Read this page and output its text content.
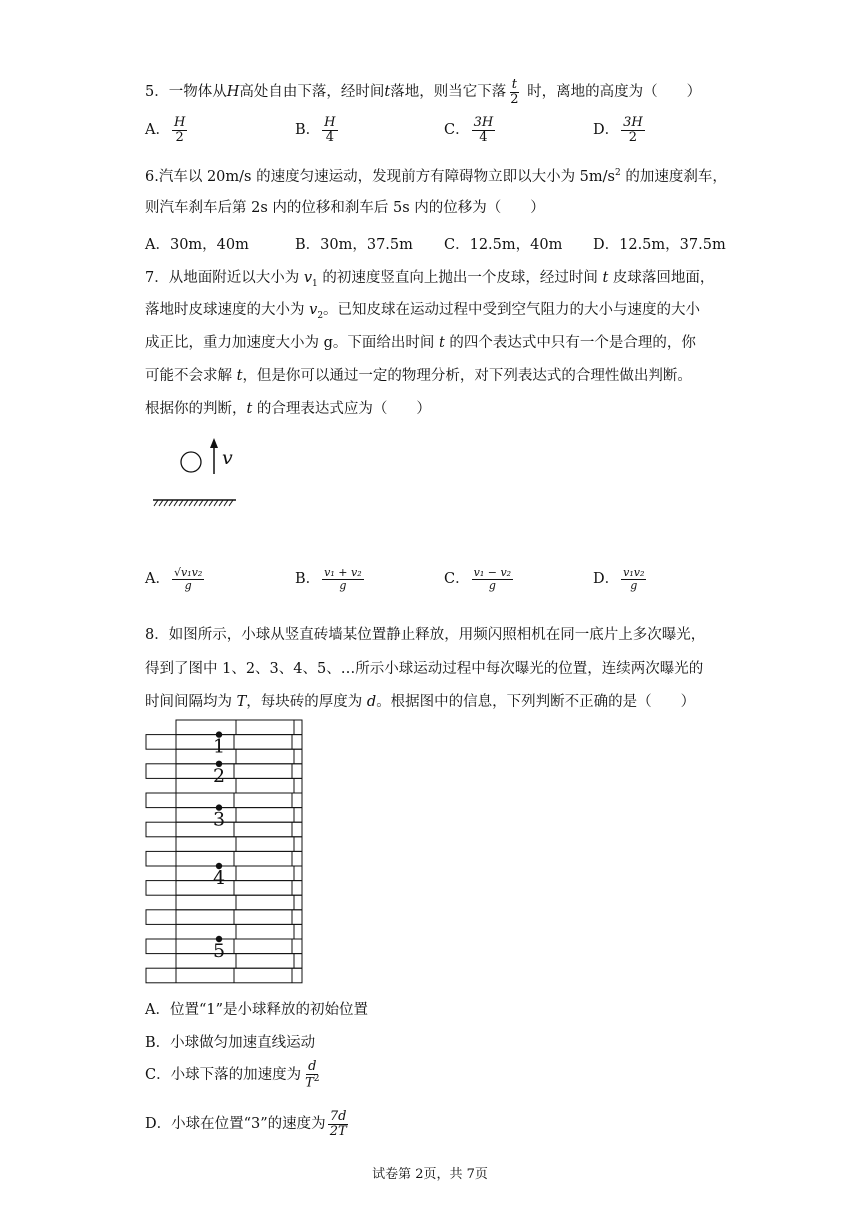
5．一物体从H高处自由下落，经时间t落地，则当它下落 $\frac{t}{2}$ 时，离地的高度为（　　）
A． $\frac{H}{2}$	B． $\frac{H}{4}$	C． $\frac{3H}{4}$	D． $\frac{3H}{2}$
6.汽车以 20m/s 的速度匀速运动，发现前方有障碍物立即以大小为 $5m/s^2$ 的加速度刹车，
则汽车刹车后第 2s 内的位移和刹车后 5s 内的位移为（　　）
A．30m，40m	B．30m，37.5m C．12.5m，40m D．12.5m，37.5m
7．从地面附近以大小为 $v_1$ 的初速度竖直向上抛出一个皮球，经过时间 t 皮球落回地面，
落地时皮球速度的大小为 $v_2$。已知皮球在运动过程中受到空气阻力的大小与速度的大小
成正比，重力加速度大小为 g。下面给出时间 t 的四个表达式中只有一个是合理的，你
可能不会求解 t，但是你可以通过一定的物理分析，对下列表达式的合理性做出判断。
根据你的判断，t 的合理表达式应为（　　）
v
A． $\frac{\text{√v₁v₂}}{g}$	B． $\frac{\text{v₁ + v₂}}{g}$	C． $\frac{\text{v₁ − v₂}}{g}$	D． $\frac{\text{v₁v₂}}{g}$
8．如图所示，小球从竖直砖墙某位置静止释放，用频闪照相机在同一底片上多次曝光，
得到了图中 1、2、3、4、5、…所示小球运动过程中每次曝光的位置，连续两次曝光的
时间间隔均为 T，每块砖的厚度为 d。根据图中的信息，下列判断不正确的是（　　）
1
2
3
4
5
A．位置“1”是小球释放的初始位置
B．小球做匀加速直线运动
C．小球下落的加速度为 $\frac{d}{T^2}$
D．小球在位置“3”的速度为 $\frac{7d}{2T}$
试卷第 2页，共 7页
